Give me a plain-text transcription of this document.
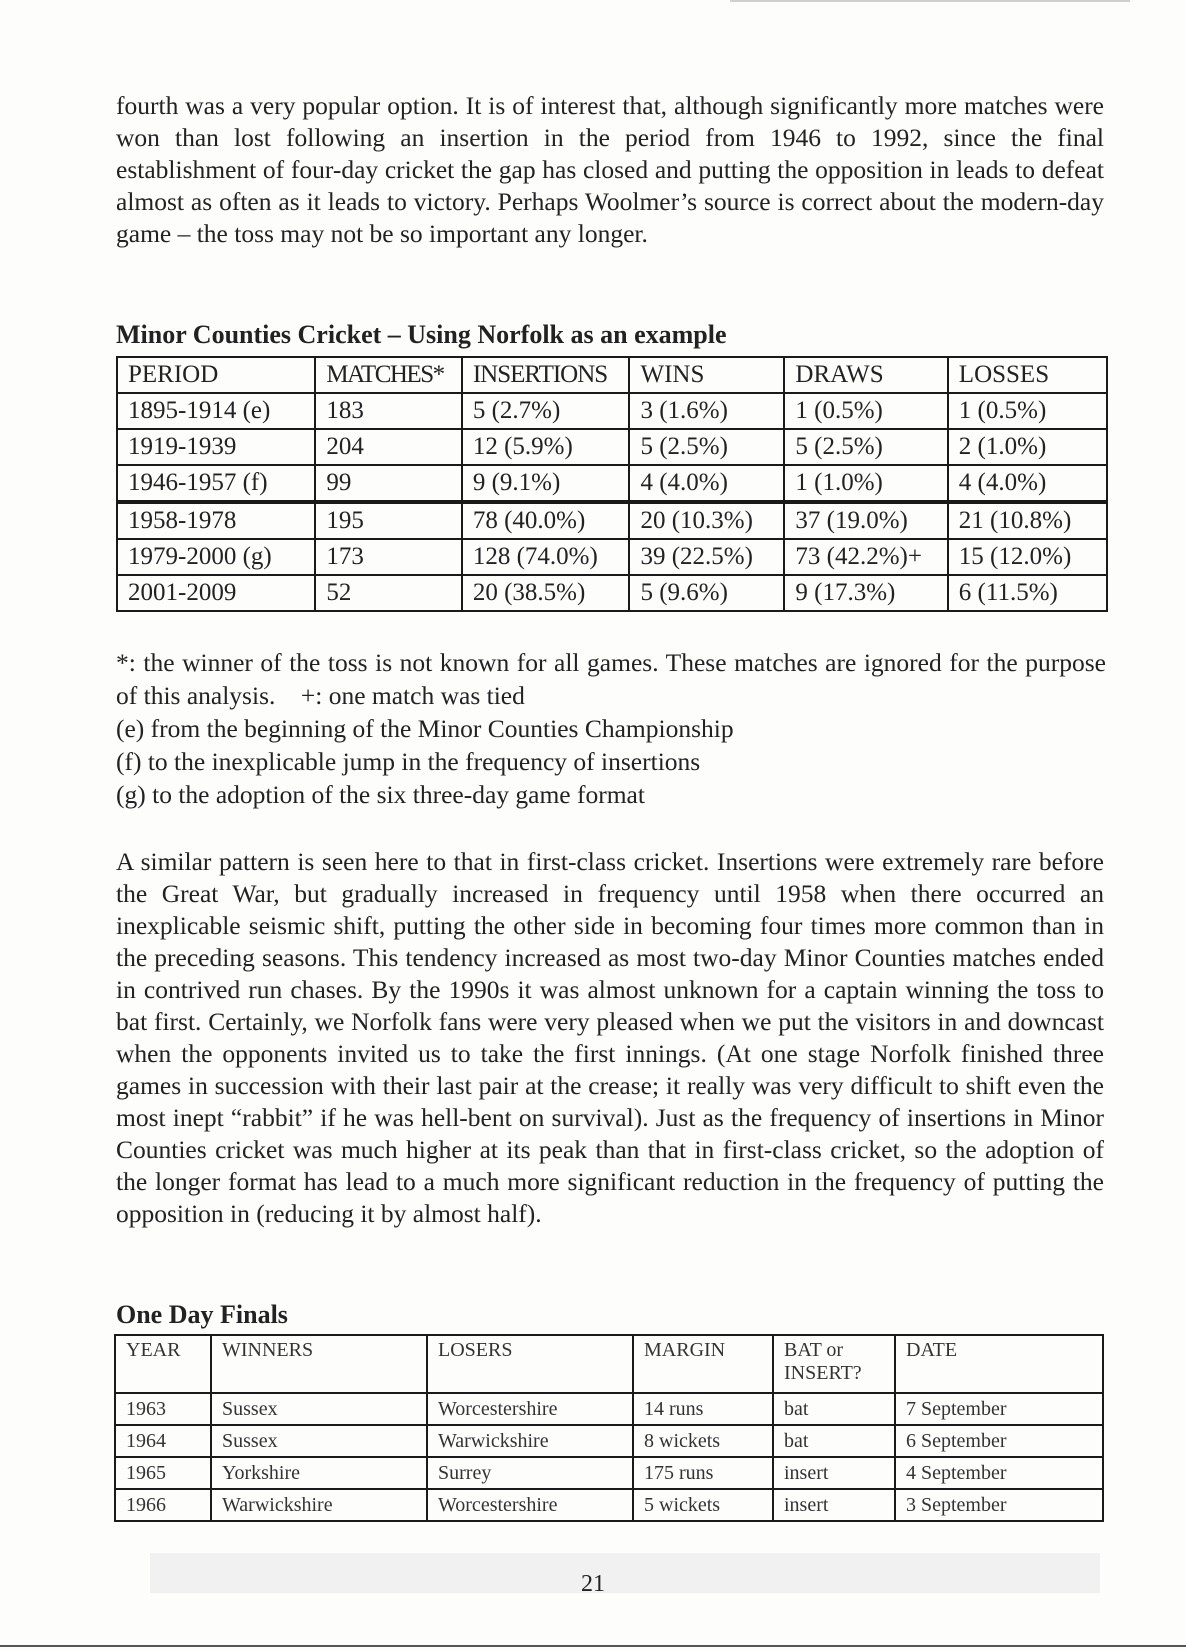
fourth was a very popular option. It is of interest that, although significantly more matches were won than lost following an insertion in the period from 1946 to 1992, since the final establishment of four-day cricket the gap has closed and putting the opposition in leads to defeat almost as often as it leads to victory. Perhaps Woolmer’s source is correct about the modern-day game – the toss may not be so important any longer.

Minor Counties Cricket – Using Norfolk as an example
PERIOD	MATCHES*	INSERTIONS	WINS	DRAWS	LOSSES
1895-1914 (e)	183	5 (2.7%)	3 (1.6%)	1 (0.5%)	1 (0.5%)
1919-1939	204	12 (5.9%)	5 (2.5%)	5 (2.5%)	2 (1.0%)
1946-1957 (f)	99	9 (9.1%)	4 (4.0%)	1 (1.0%)	4 (4.0%)
1958-1978	195	78 (40.0%)	20 (10.3%)	37 (19.0%)	21 (10.8%)
1979-2000 (g)	173	128 (74.0%)	39 (22.5%)	73 (42.2%)+	15 (12.0%)
2001-2009	52	20 (38.5%)	5 (9.6%)	9 (17.3%)	6 (11.5%)

*: the winner of the toss is not known for all games. These matches are ignored for the purpose of this analysis. +: one match was tied

(e) from the beginning of the Minor Counties Championship

(f) to the inexplicable jump in the frequency of insertions

(g) to the adoption of the six three-day game format

A similar pattern is seen here to that in first-class cricket. Insertions were extremely rare before the Great War, but gradually increased in frequency until 1958 when there occurred an inexplicable seismic shift, putting the other side in becoming four times more common than in the preceding seasons. This tendency increased as most two-day Minor Counties matches ended in contrived run chases. By the 1990s it was almost unknown for a captain winning the toss to bat first. Certainly, we Norfolk fans were very pleased when we put the visitors in and downcast when the opponents invited us to take the first innings. (At one stage Norfolk finished three games in succession with their last pair at the crease; it really was very difficult to shift even the most inept “rabbit” if he was hell-bent on survival). Just as the frequency of insertions in Minor Counties cricket was much higher at its peak than that in first-class cricket, so the adoption of the longer format has lead to a much more significant reduction in the frequency of putting the opposition in (reducing it by almost half).

One Day Finals
YEAR	WINNERS	LOSERS	MARGIN	BAT or INSERT?	DATE
1963	Sussex	Worcestershire	14 runs	bat	7 September
1964	Sussex	Warwickshire	8 wickets	bat	6 September
1965	Yorkshire	Surrey	175 runs	insert	4 September
1966	Warwickshire	Worcestershire	5 wickets	insert	3 September

21
